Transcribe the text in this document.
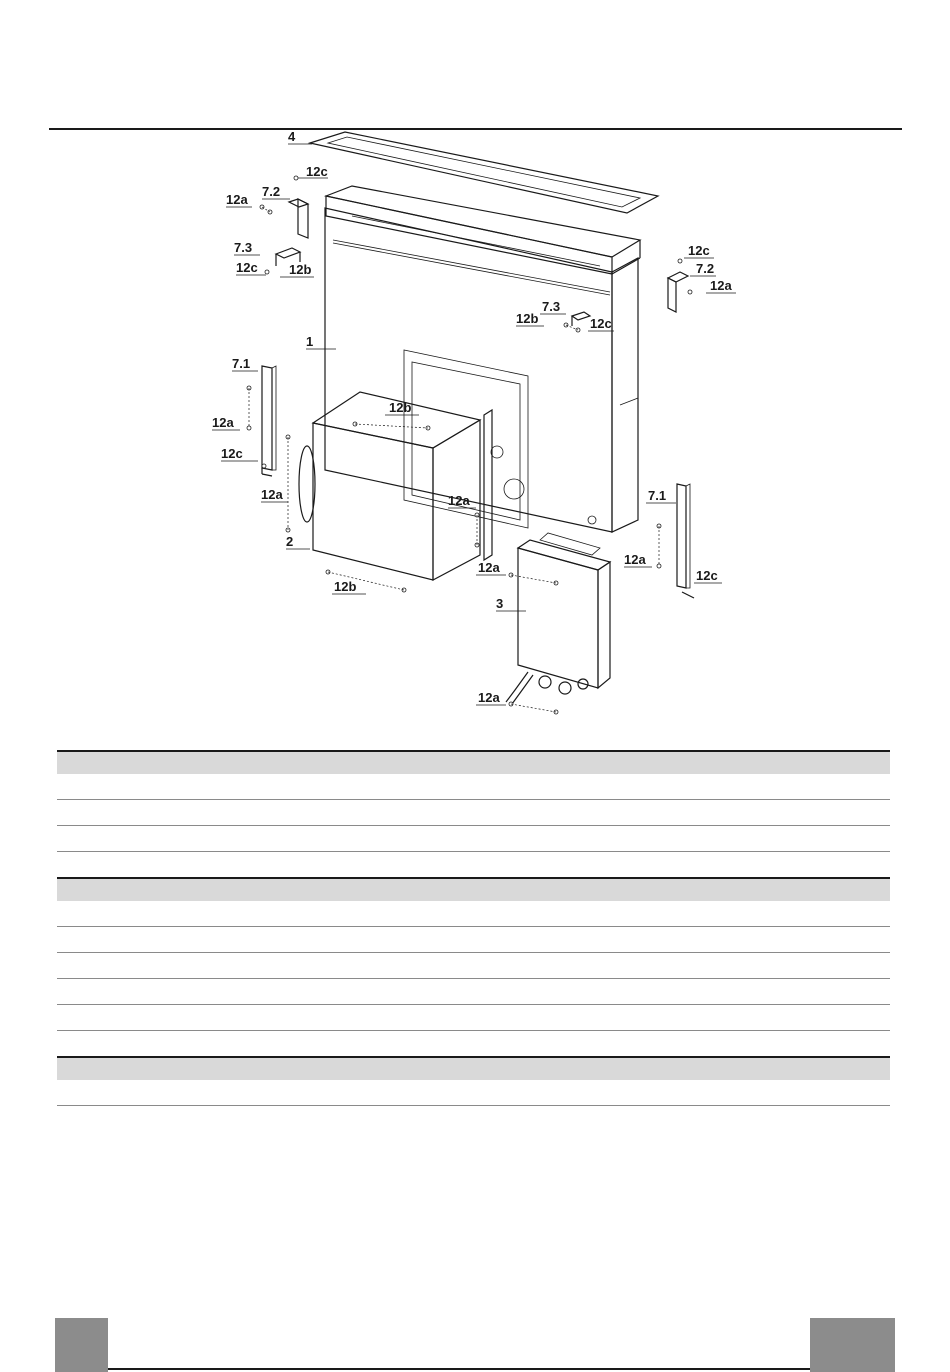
4
12c
12a
7.2
7.3
12c 12b
12c
7.2
12a
7.3
12b	12c
1
7.1
12b
12a
12c
12a	12a
2
7.1
12a
12c
12a
12b
3
12a
